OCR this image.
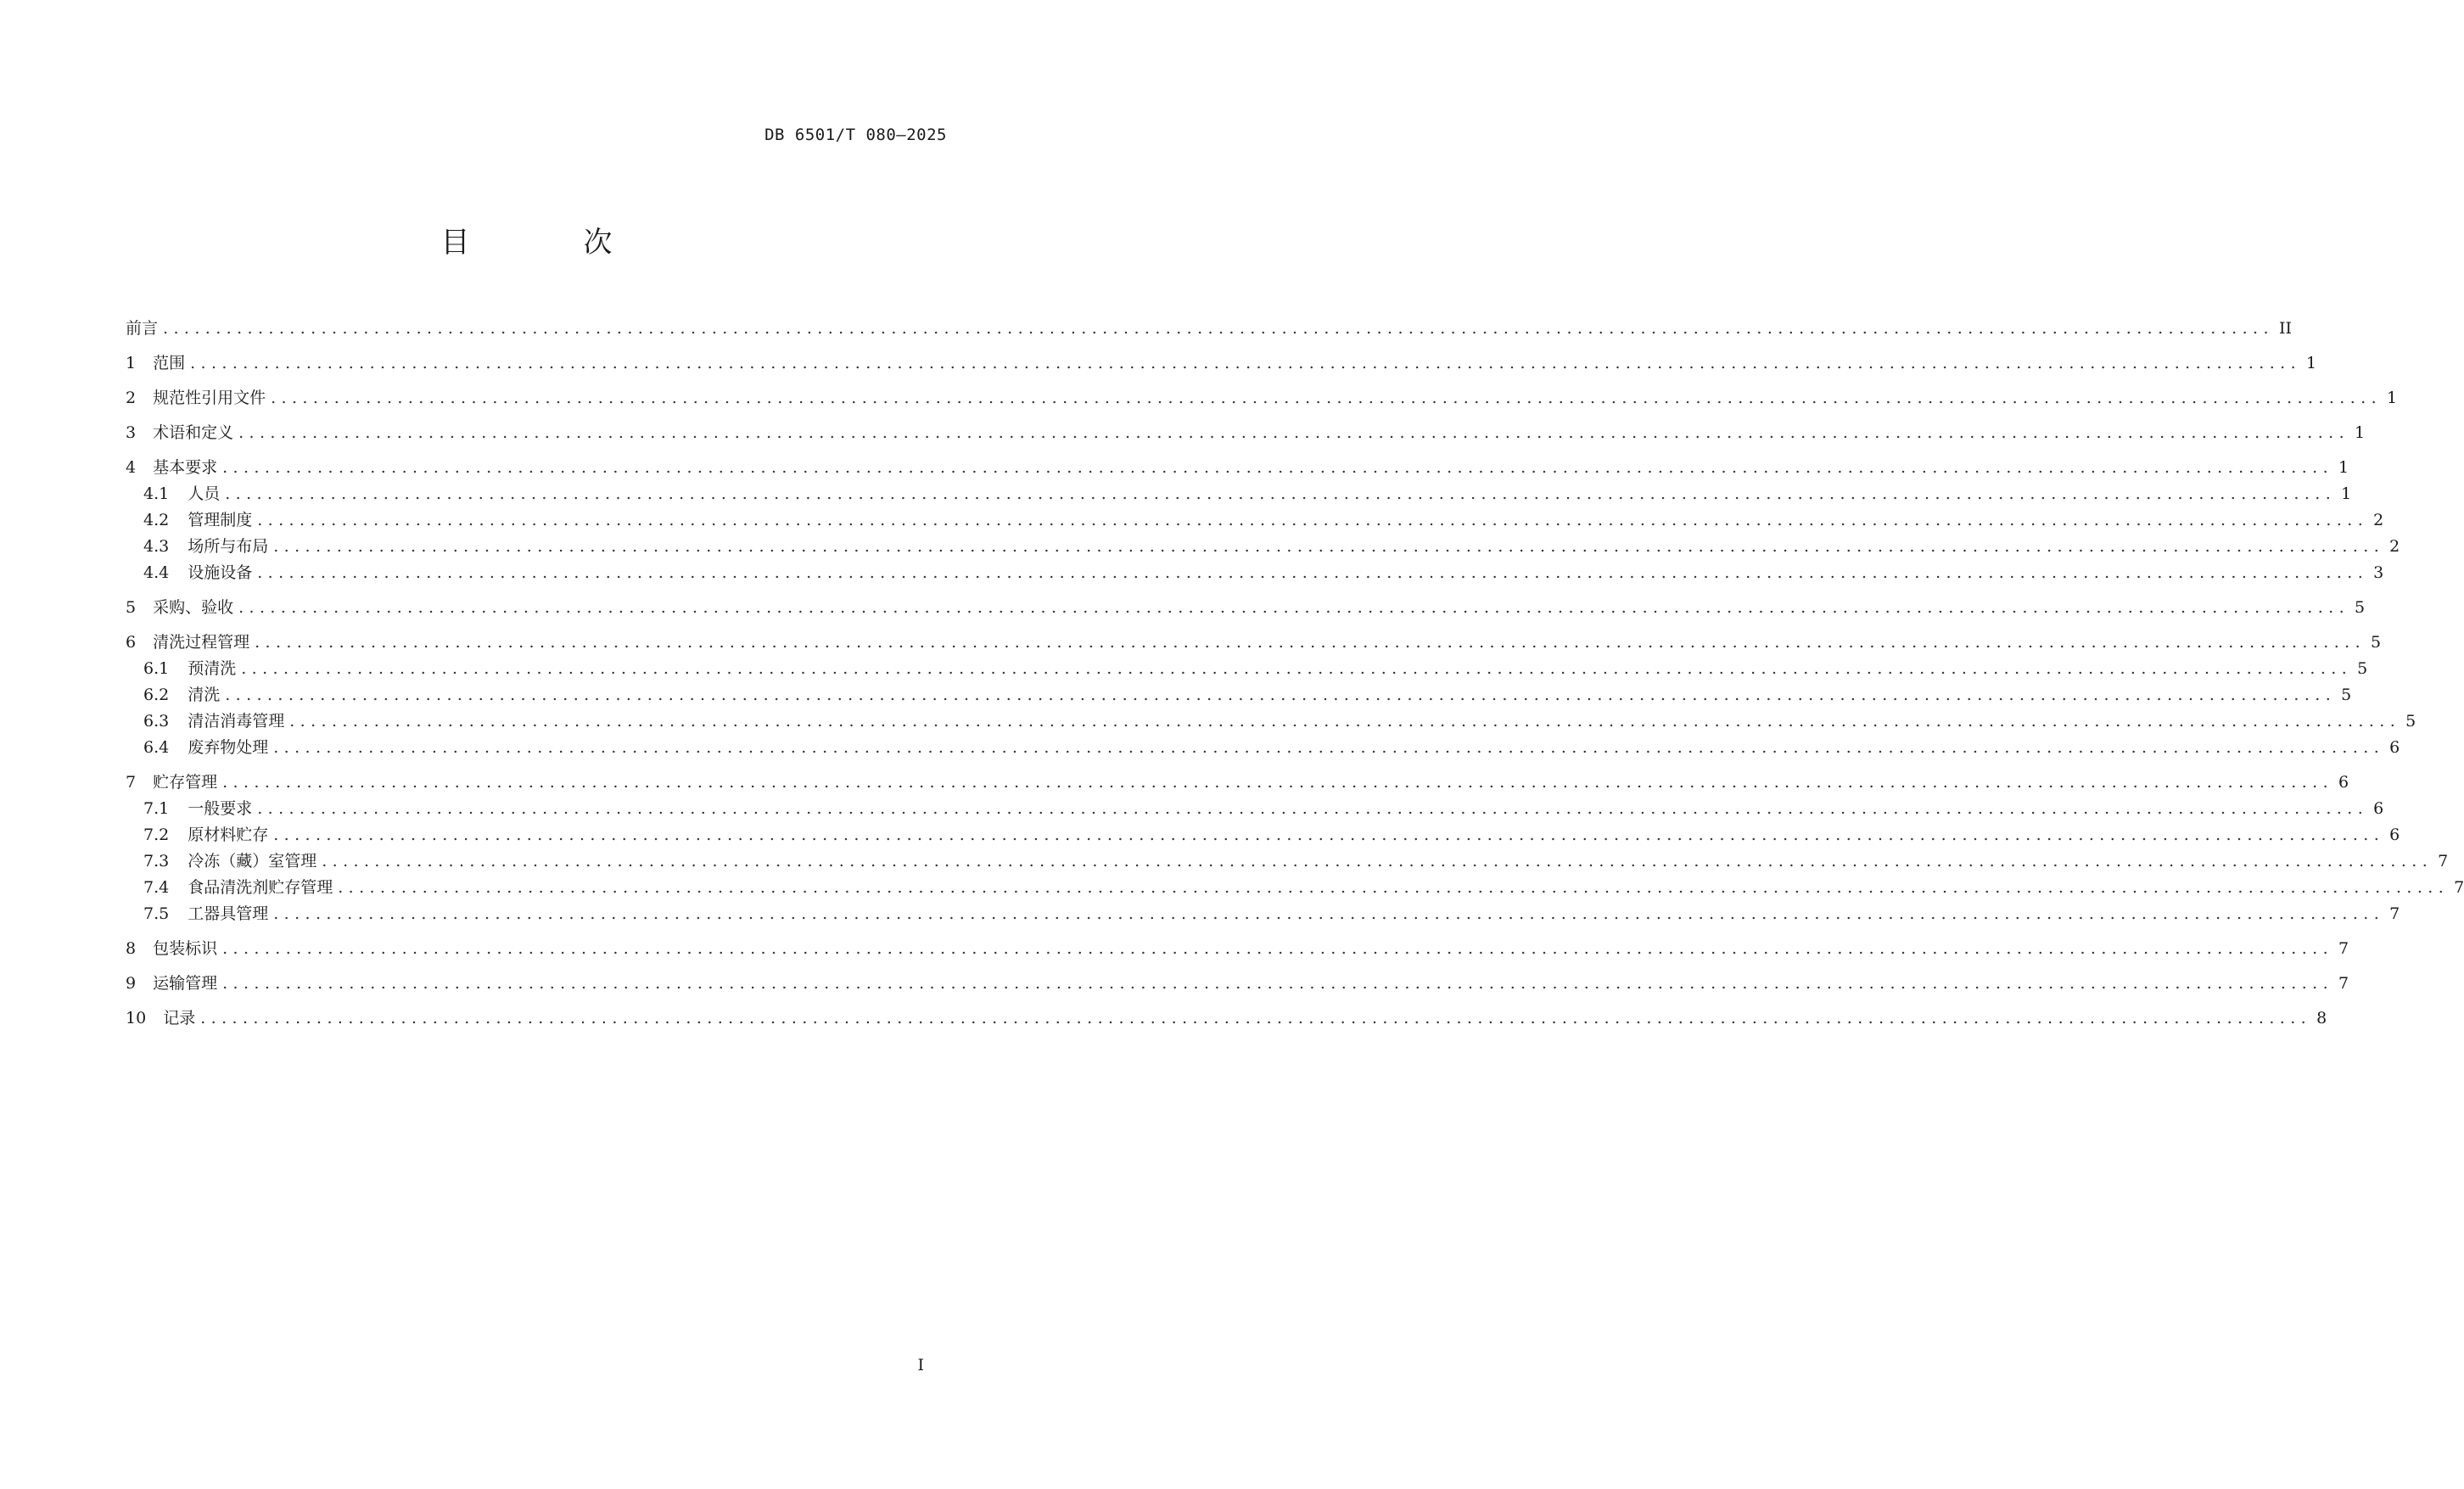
DB 6501/T 080—2025
目　次
前言 ........................................................................................................................................................................................................ II
1 范围 ........................................................................................................................................................................................................ 1
2 规范性引用文件 ........................................................................................................................................................................................................ 1
3 术语和定义 ........................................................................................................................................................................................................ 1
4 基本要求 ........................................................................................................................................................................................................ 1
4.1 人员 ........................................................................................................................................................................................................ 1
4.2 管理制度 ........................................................................................................................................................................................................ 2
4.3 场所与布局 ........................................................................................................................................................................................................ 2
4.4 设施设备 ........................................................................................................................................................................................................ 3
5 采购、验收 ........................................................................................................................................................................................................ 5
6 清洗过程管理 ........................................................................................................................................................................................................ 5
6.1 预清洗 ........................................................................................................................................................................................................ 5
6.2 清洗 ........................................................................................................................................................................................................ 5
6.3 清洁消毒管理 ........................................................................................................................................................................................................ 5
6.4 废弃物处理 ........................................................................................................................................................................................................ 6
7 贮存管理 ........................................................................................................................................................................................................ 6
7.1 一般要求 ........................................................................................................................................................................................................ 6
7.2 原材料贮存 ........................................................................................................................................................................................................ 6
7.3 冷冻（藏）室管理 ........................................................................................................................................................................................................ 7
7.4 食品清洗剂贮存管理 ........................................................................................................................................................................................................ 7
7.5 工器具管理 ........................................................................................................................................................................................................ 7
8 包装标识 ........................................................................................................................................................................................................ 7
9 运输管理 ........................................................................................................................................................................................................ 7
10 记录 ........................................................................................................................................................................................................ 8
I
